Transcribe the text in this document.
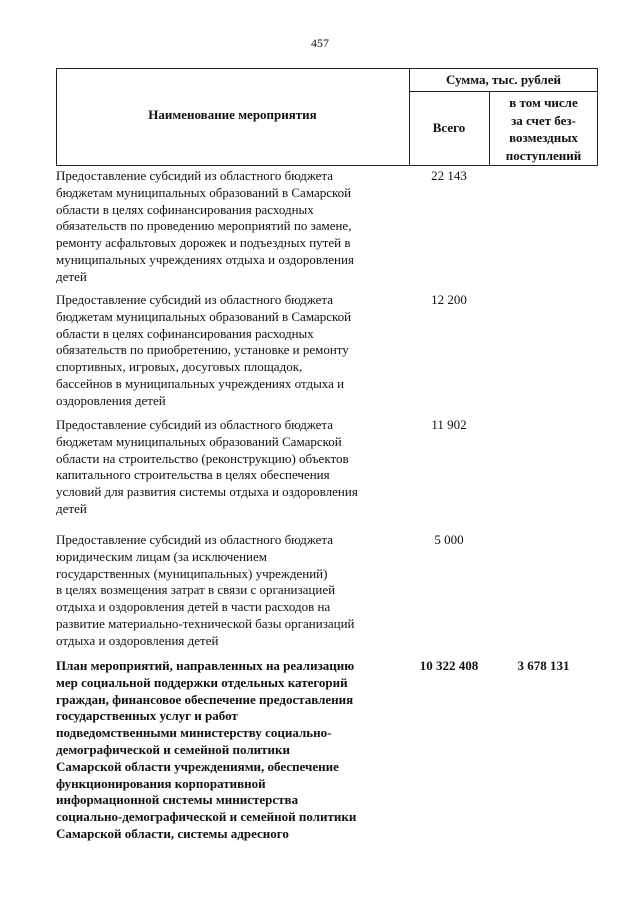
457
Наименование мероприятия
Сумма, тыс. рублей
Всего
в том числе
за счет без-
возмездных
поступлений
Предоставление субсидий из областного бюджета
бюджетам муниципальных образований в Самарской
области в целях софинансирования расходных
обязательств по проведению мероприятий по замене,
ремонту асфальтовых дорожек и подъездных путей в
муниципальных учреждениях отдыха и оздоровления
детей
22 143
Предоставление субсидий из областного бюджета
бюджетам муниципальных образований в Самарской
области в целях софинансирования расходных
обязательств по приобретению, установке и ремонту
спортивных, игровых, досуговых площадок,
бассейнов в муниципальных учреждениях отдыха и
оздоровления детей
12 200
Предоставление субсидий из областного бюджета
бюджетам муниципальных образований Самарской
области на строительство (реконструкцию) объектов
капитального строительства в целях обеспечения
условий для развития системы отдыха и оздоровления
детей
11 902
Предоставление субсидий из областного бюджета
юридическим лицам (за исключением
государственных (муниципальных) учреждений)
в целях возмещения затрат в связи с организацией
отдыха и оздоровления детей в части расходов на
развитие материально-технической базы организаций
отдыха и оздоровления детей
5 000
План мероприятий, направленных на реализацию
мер социальной поддержки отдельных категорий
граждан, финансовое обеспечение предоставления
государственных услуг и работ
подведомственными министерству социально-
демографической и семейной политики
Самарской области учреждениями, обеспечение
функционирования корпоративной
информационной системы министерства
социально-демографической и семейной политики
Самарской области, системы адресного
10 322 408	3 678 131
